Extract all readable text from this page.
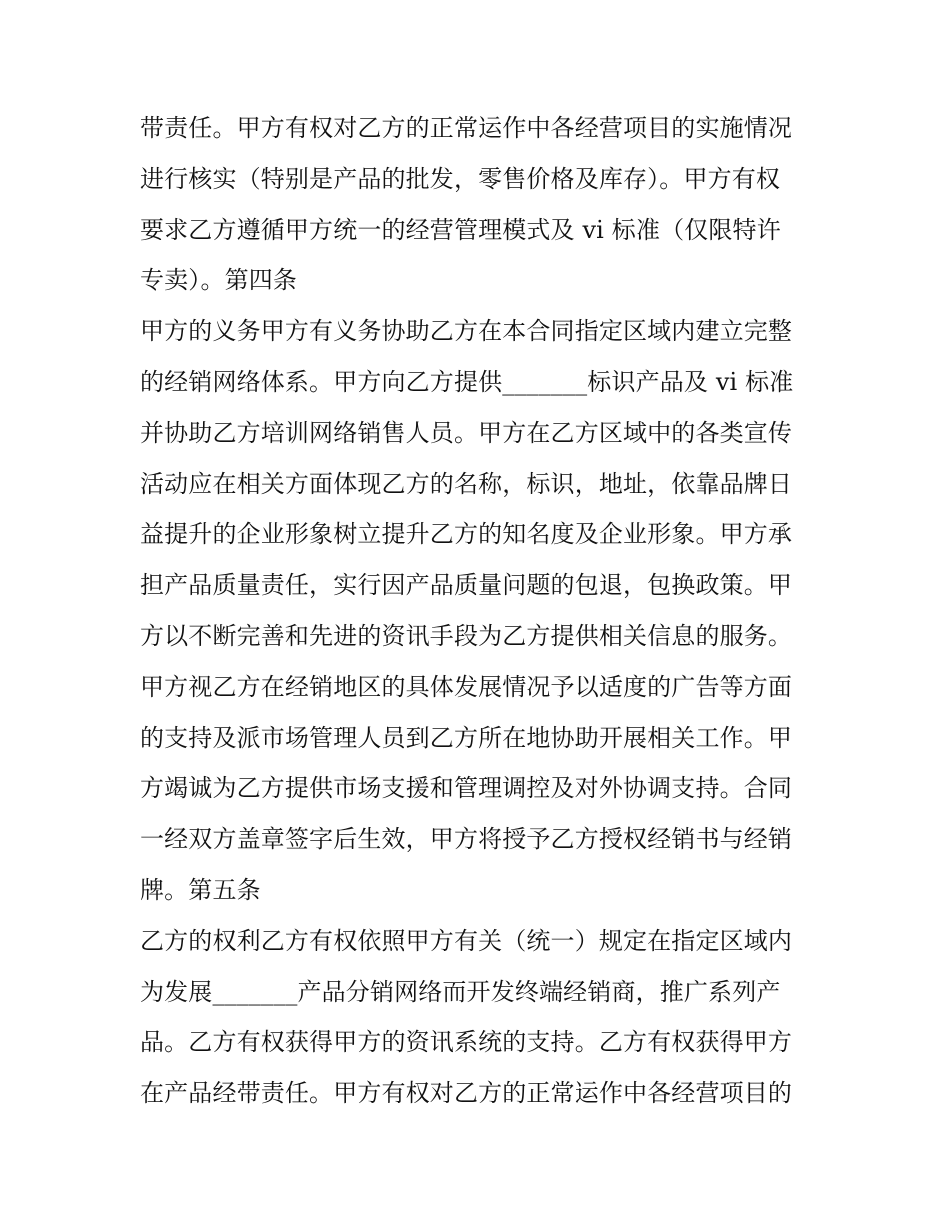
带责任。甲方有权对乙方的正常运作中各经营项目的实施情况
进行核实（特别是产品的批发，零售价格及库存）。甲方有权
要求乙方遵循甲方统一的经营管理模式及 vi 标准（仅限特许
专卖）。第四条
甲方的义务甲方有义务协助乙方在本合同指定区域内建立完整
的经销网络体系。甲方向乙方提供_______标识产品及 vi 标准
并协助乙方培训网络销售人员。甲方在乙方区域中的各类宣传
活动应在相关方面体现乙方的名称，标识，地址，依靠品牌日
益提升的企业形象树立提升乙方的知名度及企业形象。甲方承
担产品质量责任，实行因产品质量问题的包退，包换政策。甲
方以不断完善和先进的资讯手段为乙方提供相关信息的服务。
甲方视乙方在经销地区的具体发展情况予以适度的广告等方面
的支持及派市场管理人员到乙方所在地协助开展相关工作。甲
方竭诚为乙方提供市场支援和管理调控及对外协调支持。合同
一经双方盖章签字后生效，甲方将授予乙方授权经销书与经销
牌。第五条
乙方的权利乙方有权依照甲方有关（统一）规定在指定区域内
为发展_______产品分销网络而开发终端经销商，推广系列产
品。乙方有权获得甲方的资讯系统的支持。乙方有权获得甲方
在产品经带责任。甲方有权对乙方的正常运作中各经营项目的
